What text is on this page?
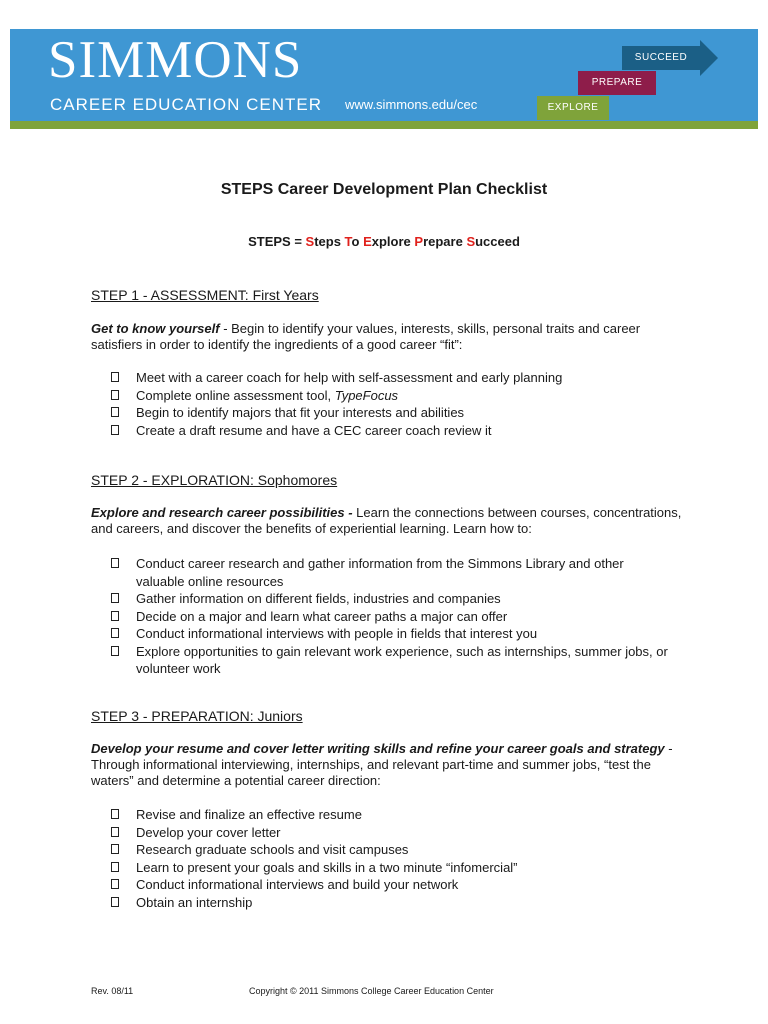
SIMMONS
CAREER EDUCATION CENTER www.simmons.edu/cec	EXPLORE
PREPARE
SUCCEED
STEPS Career Development Plan Checklist
STEPS = Steps To Explore Prepare Succeed
STEP 1 - ASSESSMENT: First Years
Get to know yourself - Begin to identify your values, interests, skills, personal traits and career satisfiers in order to identify the ingredients of a good career “fit”:
Meet with a career coach for help with self-assessment and early planning
Complete online assessment tool, TypeFocus
Begin to identify majors that fit your interests and abilities
Create a draft resume and have a CEC career coach review it
STEP 2 - EXPLORATION: Sophomores
Explore and research career possibilities - Learn the connections between courses, concentrations, and careers, and discover the benefits of experiential learning. Learn how to:
Conduct career research and gather information from the Simmons Library and other valuable online resources
Gather information on different fields, industries and companies
Decide on a major and learn what career paths a major can offer
Conduct informational interviews with people in fields that interest you
Explore opportunities to gain relevant work experience, such as internships, summer jobs, or volunteer work
STEP 3 - PREPARATION: Juniors
Develop your resume and cover letter writing skills and refine your career goals and strategy - Through informational interviewing, internships, and relevant part-time and summer jobs, “test the waters” and determine a potential career direction:
Revise and finalize an effective resume
Develop your cover letter
Research graduate schools and visit campuses
Learn to present your goals and skills in a two minute “infomercial”
Conduct informational interviews and build your network
Obtain an internship
Rev. 08/11	Copyright © 2011 Simmons College Career Education Center
